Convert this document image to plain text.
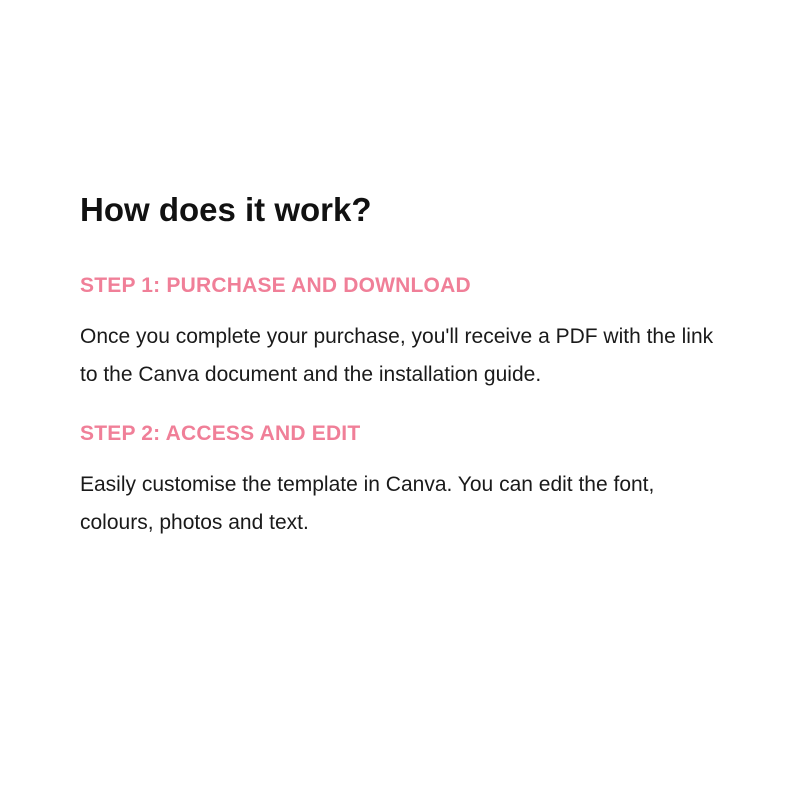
How does it work?
STEP 1: PURCHASE AND DOWNLOAD

Once you complete your purchase, you'll receive a PDF with the link to the Canva document and the installation guide.

STEP 2: ACCESS AND EDIT

Easily customise the template in Canva. You can edit the font, colours, photos and text.
